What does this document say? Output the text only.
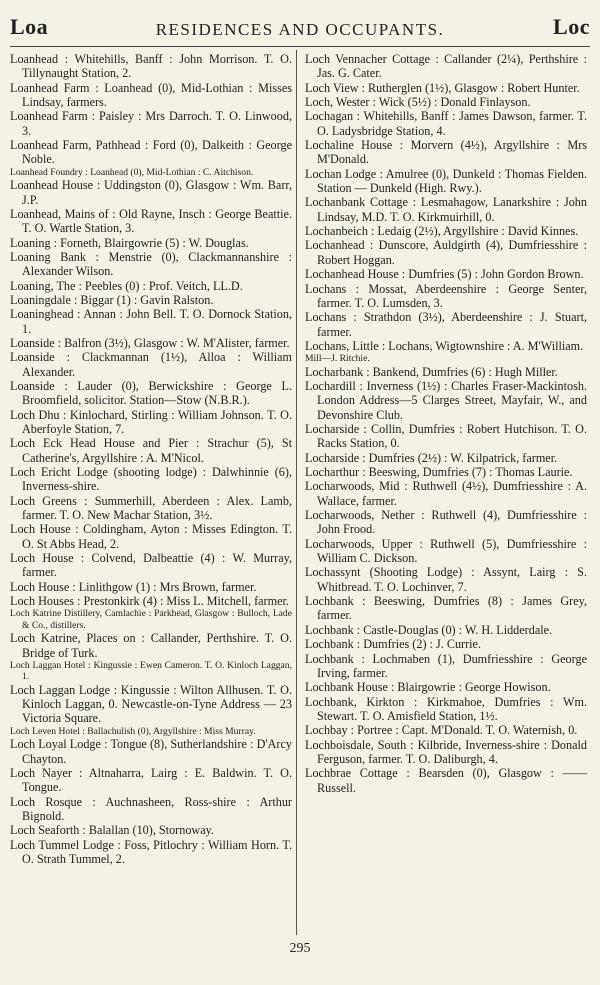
Loa	RESIDENCES AND OCCUPANTS.	Loc

Loanhead : Whitehills, Banff : John Morrison. T. O. Tillynaught Station, 2.

Loanhead Farm : Loanhead (0), Mid-Lothian : Misses Lindsay, farmers.

Loanhead Farm : Paisley : Mrs Darroch. T. O. Linwood, 3.

Loanhead Farm, Pathhead : Ford (0), Dalkeith : George Noble.

Loanhead Foundry : Loanhead (0), Mid-Lothian : C. Aitchison.

Loanhead House : Uddingston (0), Glasgow : Wm. Barr, J.P.

Loanhead, Mains of : Old Rayne, Insch : George Beattie. T. O. Wartle Station, 3.

Loaning : Forneth, Blairgowrie (5) : W. Douglas.

Loaning Bank : Menstrie (0), Clackmannanshire : Alexander Wilson.

Loaning, The : Peebles (0) : Prof. Veitch, LL.D.

Loaningdale : Biggar (1) : Gavin Ralston.

Loaninghead : Annan : John Bell. T. O. Dornock Station, 1.

Loanside : Balfron (3½), Glasgow : W. M'Alister, farmer.

Loanside : Clackmannan (1½), Alloa : William Alexander.

Loanside : Lauder (0), Berwickshire : George L. Broomfield, solicitor. Station—Stow (N.B.R.).

Loch Dhu : Kinlochard, Stirling : William Johnson. T. O. Aberfoyle Station, 7.

Loch Eck Head House and Pier : Strachur (5), St Catherine's, Argyllshire : A. M'Nicol.

Loch Ericht Lodge (shooting lodge) : Dalwhinnie (6), Inverness-shire.

Loch Greens : Summerhill, Aberdeen : Alex. Lamb, farmer. T. O. New Machar Station, 3½.

Loch House : Coldingham, Ayton : Misses Edington. T. O. St Abbs Head, 2.

Loch House : Colvend, Dalbeattie (4) : W. Murray, farmer.

Loch House : Linlithgow (1) : Mrs Brown, farmer.

Loch Houses : Prestonkirk (4) : Miss L. Mitchell, farmer.

Loch Katrine Distillery, Camlachie : Parkhead, Glasgow : Bulloch, Lade & Co., distillers.

Loch Katrine, Places on : Callander, Perthshire. T. O. Bridge of Turk.

Loch Laggan Hotel : Kingussie : Ewen Cameron. T. O. Kinloch Laggan, 1.

Loch Laggan Lodge : Kingussie : Wilton Allhusen. T. O. Kinloch Laggan, 0. Newcastle-on-Tyne Address — 23 Victoria Square.

Loch Leven Hotel : Ballachulish (0), Argyllshire : Miss Murray.

Loch Loyal Lodge : Tongue (8), Sutherlandshire : D'Arcy Chayton.

Loch Nayer : Altnaharra, Lairg : E. Baldwin. T. O. Tongue.

Loch Rosque : Auchnasheen, Ross-shire : Arthur Bignold.

Loch Seaforth : Balallan (10), Stornoway.

Loch Tummel Lodge : Foss, Pitlochry : William Horn. T. O. Strath Tummel, 2.

Loch Vennacher Cottage : Callander (2¼), Perthshire : Jas. G. Cater.

Loch View : Rutherglen (1½), Glasgow : Robert Hunter.

Loch, Wester : Wick (5½) : Donald Finlayson.

Lochagan : Whitehills, Banff : James Dawson, farmer. T. O. Ladysbridge Station, 4.

Lochaline House : Morvern (4½), Argyllshire : Mrs M'Donald.

Lochan Lodge : Amulree (0), Dunkeld : Thomas Fielden. Station — Dunkeld (High. Rwy.).

Lochanbank Cottage : Lesmahagow, Lanarkshire : John Lindsay, M.D. T. O. Kirkmuirhill, 0.

Lochanbeich : Ledaig (2½), Argyllshire : David Kinnes.

Lochanhead : Dunscore, Auldgirth (4), Dumfriesshire : Robert Hoggan.

Lochanhead House : Dumfries (5) : John Gordon Brown.

Lochans : Mossat, Aberdeenshire : George Senter, farmer. T. O. Lumsden, 3.

Lochans : Strathdon (3½), Aberdeenshire : J. Stuart, farmer.

Lochans, Little : Lochans, Wigtownshire : A. M'William.

Mill—J. Ritchie.

Locharbank : Bankend, Dumfries (6) : Hugh Miller.

Lochardill : Inverness (1½) : Charles Fraser-Mackintosh. London Address—5 Clarges Street, Mayfair, W., and Devonshire Club.

Locharside : Collin, Dumfries : Robert Hutchison. T. O. Racks Station, 0.

Locharside : Dumfries (2½) : W. Kilpatrick, farmer.

Locharthur : Beeswing, Dumfries (7) : Thomas Laurie.

Locharwoods, Mid : Ruthwell (4½), Dumfriesshire : A. Wallace, farmer.

Locharwoods, Nether : Ruthwell (4), Dumfriesshire : John Frood.

Locharwoods, Upper : Ruthwell (5), Dumfriesshire : William C. Dickson.

Lochassynt (Shooting Lodge) : Assynt, Lairg : S. Whitbread. T. O. Lochinver, 7.

Lochbank : Beeswing, Dumfries (8) : James Grey, farmer.

Lochbank : Castle-Douglas (0) : W. H. Lidderdale.

Lochbank : Dumfries (2) : J. Currie.

Lochbank : Lochmaben (1), Dumfriesshire : George Irving, farmer.

Lochbank House : Blairgowrie : George Howison.

Lochbank, Kirkton : Kirkmahoe, Dumfries : Wm. Stewart. T. O. Amisfield Station, 1½.

Lochbay : Portree : Capt. M'Donald. T. O. Waternish, 0.

Lochboisdale, South : Kilbride, Inverness-shire : Donald Ferguson, farmer. T. O. Daliburgh, 4.

Lochbrae Cottage : Bearsden (0), Glasgow : —— Russell.

295
